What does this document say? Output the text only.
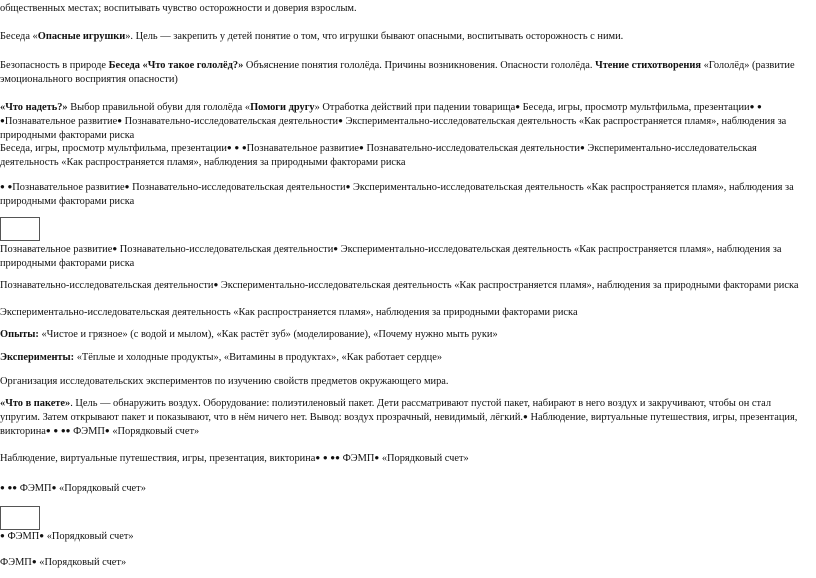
общественных местах; воспитывать чувство осторожности и доверия взрослым.

Беседа «Опасные игрушки». Цель — закрепить у детей понятие о том, что игрушки бывают опасными, воспитывать осторожность с ними.

Безопасность в природе Беседа «Что такое гололёд?» Объяснение понятия гололёда. Причины возникновения. Опасности гололёда. Чтение стихотворения «Гололёд» (развитие эмоционального восприятия опасности)

«Что надеть?» Выбор правильной обуви для гололёда «Помоги другу» Отработка действий при падении товарища● Беседа, игры, просмотр мультфильма, презентации● ● ●Познавательное развитие● Познавательно-исследовательская деятельности● Экспериментально-исследовательская деятельность «Как распространяется пламя», наблюдения за природными факторами риска

Беседа, игры, просмотр мультфильма, презентации● ● ●Познавательное развитие● Познавательно-исследовательская деятельности● Экспериментально-исследовательская деятельность «Как распространяется пламя», наблюдения за природными факторами риска

● ●Познавательное развитие● Познавательно-исследовательская деятельности● Экспериментально-исследовательская деятельность «Как распространяется пламя», наблюдения за природными факторами риска

Познавательное развитие● Познавательно-исследовательская деятельности● Экспериментально-исследовательская деятельность «Как распространяется пламя», наблюдения за природными факторами риска

Познавательно-исследовательская деятельности● Экспериментально-исследовательская деятельность «Как распространяется пламя», наблюдения за природными факторами риска

Экспериментально-исследовательская деятельность «Как распространяется пламя», наблюдения за природными факторами риска

Опыты: «Чистое и грязное» (с водой и мылом), «Как растёт зуб» (моделирование), «Почему нужно мыть руки»

Эксперименты: «Тёплые и холодные продукты», «Витамины в продуктах», «Как работает сердце»

Организация исследовательских экспериментов по изучению свойств предметов окружающего мира.

«Что в пакете». Цель — обнаружить воздух. Оборудование: полиэтиленовый пакет. Дети рассматривают пустой пакет, набирают в него воздух и закручивают, чтобы он стал упругим. Затем открывают пакет и показывают, что в нём ничего нет. Вывод: воздух прозрачный, невидимый, лёгкий.● Наблюдение, виртуальные путешествия, игры, презентация, викторина● ● ●● ФЭМП● «Порядковый счет»

Наблюдение, виртуальные путешествия, игры, презентация, викторина● ● ●● ФЭМП● «Порядковый счет»

● ●● ФЭМП● «Порядковый счет»

● ФЭМП● «Порядковый счет»

ФЭМП● «Порядковый счет»
